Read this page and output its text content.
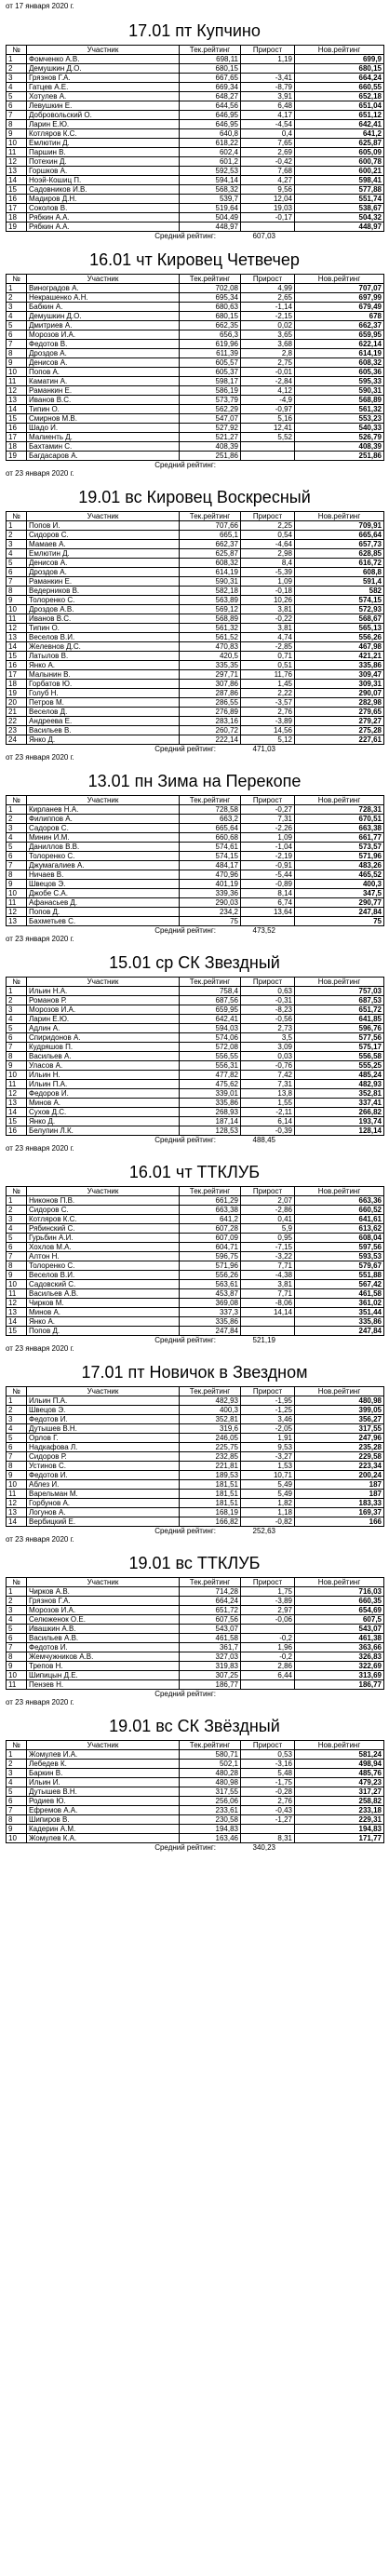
от 17 января 2020 г.
17.01 пт Купчино
№	Участник	Тек.рейтинг	Прирост	Нов.рейтинг
1	Фомченко А.В.	698,11	1,19	699,9
2	Демушкин Д.О.	680,15		680,15
3	Грязнов Г.А.	667,65	-3,41	664,24
4	Гатцев А.Е.	669,34	-8,79	660,55
5	Хотулев А.	648,27	3,91	652,18
6	Левушкин Е.	644,56	6,48	651,04
7	Добровольский О.	646,95	4,17	651,12
8	Ларин Е.Ю.	646,95	-4,54	642,41
9	Котляров К.С.	640,8	0,4	641,2
10	Емлютин Д.	618,22	7,65	625,87
11	Паршин В.	602,4	2,69	605,09
12	Потехин Д.	601,2	-0,42	600,78
13	Горшков А.	592,53	7,68	600,21
14	Ноэй-Кошиц П.	594,14	4,27	598,41
15	Садовников И.В.	568,32	9,56	577,88
16	Мадиров Д.Н.	539,7	12,04	551,74
17	Соколов В.	519,64	19,03	538,67
18	Рябкин А.А.	504,49	-0,17	504,32
19	Рябкин А.А.	448,97		448,97
Средний рейтинг:	607,03
16.01 чт Кировец Четвечер
№	Участник	Тек.рейтинг	Прирост	Нов.рейтинг
1	Виноградов А.	702,08	4,99	707,07
2	Некрашенко А.Н.	695,34	2,65	697,99
3	Бабкин А.	680,63	-1,14	679,49
4	Демушкин Д.О.	680,15	-2,15	678
5	Дмитриев А.	662,35	0,02	662,37
6	Морозов И.А.	656,3	3,65	659,95
7	Федотов В.	619,96	3,68	622,14
8	Дроздов А.	611,39	2,8	614,19
9	Денисов А.	605,57	2,75	608,32
10	Попов А.	605,37	-0,01	605,36
11	Каматин А.	598,17	-2,84	595,33
12	Раманкин Е.	586,19	4,12	590,31
13	Иванов В.С.	573,79	-4,9	568,89
14	Типин О.	562,29	-0,97	561,32
15	Смирнов М.В.	547,07	5,16	553,23
16	Шадо И.	527,92	12,41	540,33
17	Малиенть Д.	521,27	5,52	526,79
18	Бахтамин С.	408,39		408,39
19	Багдасаров А.	251,86		251,86
Средний рейтинг:
от 23 января 2020 г.
19.01 вс Кировец Воскресный
№	Участник	Тек.рейтинг	Прирост	Нов.рейтинг
1	Попов И.	707,66	2,25	709,91
2	Сидоров С.	665,1	0,54	665,64
3	Мамаев А.	662,37	-4,64	657,73
4	Емлютин Д.	625,87	2,98	628,85
5	Денисов А.	608,32	8,4	616,72
6	Дроздов А.	614,19	-5,39	608,8
7	Раманкин Е.	590,31	1,09	591,4
8	Ведерников В.	582,18	-0,18	582
9	Толоренко С.	563,89	10,26	574,15
10	Дроздов А.В.	569,12	3,81	572,93
11	Иванов В.С.	568,89	-0,22	568,67
12	Типин О.	561,32	3,81	565,13
13	Веселов В.И.	561,52	4,74	556,26
14	Желевнов Д.С.	470,83	-2,85	467,98
15	Латылов В.	420,5	0,71	421,21
16	Янко А.	335,35	0,51	335,86
17	Малынин В.	297,71	11,76	309,47
18	Горбатов Ю.	307,86	1,45	309,31
19	Голуб Н.	287,86	2,22	290,07
20	Петров М.	286,55	-3,57	282,98
21	Веселов Д.	276,89	2,76	279,65
22	Андреева Е.	283,16	-3,89	279,27
23	Васильев В.	260,72	14,56	275,28
24	Янко Д.	222,14	5,12	227,61
Средний рейтинг:	471,03
от 23 января 2020 г.
13.01 пн Зима на Перекопе
№	Участник	Тек.рейтинг	Прирост	Нов.рейтинг
1	Кирланев Н.А.	728,58	-0,27	728,31
2	Филиппов А.	663,2	7,31	670,51
3	Садоров С.	665,64	-2,26	663,38
4	Минин И.М.	660,68	1,09	661,77
5	Даниллов В.В.	574,61	-1,04	573,57
6	Толоренко С.	574,15	-2,19	571,96
7	Джумагалиев А.	484,17	-0,91	483,26
8	Ничаев В.	470,96	-5,44	465,52
9	Швецов Э.	401,19	-0,89	400,3
10	Джобе С.А.	339,36	8,14	347,5
11	Афанасьев Д.	290,03	6,74	290,77
12	Попов Д.	234,2	13,64	247,84
13	Бахметьев С.	75		75
Средний рейтинг:	473,52
от 23 января 2020 г.
15.01 ср СК Звездный
№	Участник	Тек.рейтинг	Прирост	Нов.рейтинг
1	Ильин Н.А.	758,4	0,63	757,03
2	Романов Р.	687,56	-0,31	687,53
3	Морозов И.А.	659,95	-8,23	651,72
4	Ларин Е.Ю.	642,41	-0,56	641,85
5	Адлин А.	594,03	2,73	596,76
6	Спиридонов А.	574,06	3,5	577,56
7	Кудряшов П.	572,08	3,09	575,17
8	Васильев А.	556,55	0,03	556,58
9	Уласов А.	556,31	-0,76	555,25
10	Ильин Н.	477,82	7,42	485,24
11	Ильин П.А.	475,62	7,31	482,93
12	Федоров И.	339,01	13,8	352,81
13	Минов А.	335,86	1,55	337,41
14	Сухов Д.С.	268,93	-2,11	266,82
15	Янко Д.	187,14	6,14	193,74
16	Белупин Л.К.	128,53	-0,39	128,14
Средний рейтинг:	488,45
от 23 января 2020 г.
16.01 чт ТТКЛУБ
№	Участник	Тек.рейтинг	Прирост	Нов.рейтинг
1	Никонов П.В.	661,29	2,07	663,36
2	Сидоров С.	663,38	-2,86	660,52
3	Котляров К.С.	641,2	0,41	641,61
4	Рябинский С.	607,28	5,9	613,62
5	Гурьбин А.И.	607,09	0,95	608,04
6	Хохлов М.А.	604,71	-7,15	597,56
7	Алтон Н.	596,75	-3,22	593,53
8	Толоренко С.	571,96	7,71	579,67
9	Веселов В.И.	556,26	-4,38	551,88
10	Садовский С.	563,61	3,81	567,42
11	Васильев А.В.	453,87	7,71	461,58
12	Чирков М.	369,08	-8,06	361,02
13	Минов А.	337,3	14,14	351,44
14	Янко А.	335,86		335,86
15	Попов Д.	247,84		247,84
Средний рейтинг:	521,19
от 23 января 2020 г.
17.01 пт Новичок в Звездном
№	Участник	Тек.рейтинг	Прирост	Нов.рейтинг
1	Ильин П.А.	482,93	-1,95	480,98
2	Швецов Э.	400,3	-1,25	399,05
3	Федотов И.	352,81	3,46	356,27
4	Дутышев В.Н.	319,6	-2,05	317,55
5	Орлов Г.	246,05	1,91	247,96
6	Надкафова Л.	225,75	9,53	235,28
7	Сидоров Р.	232,85	-3,27	229,58
8	Устинов С.	221,81	1,53	223,34
9	Федотов И.	189,53	10,71	200,24
10	Аблез И.	181,51	5,49	187
11	Варельман М.	181,51	5,49	187
12	Горбунов А.	181,51	1,82	183,33
13	Логунов А.	168,19	1,18	169,37
14	Вербицкий Е.	166,82	-0,82	166
Средний рейтинг:	252,63
от 23 января 2020 г.
19.01 вс ТТКЛУБ
№	Участник	Тек.рейтинг	Прирост	Нов.рейтинг
1	Чирков А.В.	714,28	1,75	716,03
2	Грязнов Г.А.	664,24	-3,89	660,35
3	Морозов И.А.	651,72	2,97	654,69
4	Селюженок О.Е.	607,56	-0,06	607,5
5	Ивашкин А.В.	543,07		543,07
6	Васильев А.В.	461,58	-0,2	461,38
7	Федотов И.	361,7	1,96	363,66
8	Жемчужников А.В.	327,03	-0,2	326,83
9	Трепов Н.	319,83	2,86	322,69
10	Шипицын Д.Е.	307,25	6,44	313,69
11	Пензев Н.	186,77		186,77
Средний рейтинг:
от 23 января 2020 г.
19.01 вс СК Звёздный
№	Участник	Тек.рейтинг	Прирост	Нов.рейтинг
1	Жомулев И.А.	580,71	0,53	581,24
2	Лебедев К.	502,1	-3,16	498,94
3	Баркин В.	480,28	5,48	485,76
4	Ильин И.	480,98	-1,75	479,23
5	Дутышев В.Н.	317,55	-0,28	317,27
6	Родиев Ю.	256,06	2,76	258,82
7	Ефремов А.А.	233,61	-0,43	233,18
8	Шипиров В.	230,58	-1,27	229,31
9	Кадерин А.М.	194,83		194,83
10	Жомулев К.А.	163,46	8,31	171,77
Средний рейтинг:	340,23
